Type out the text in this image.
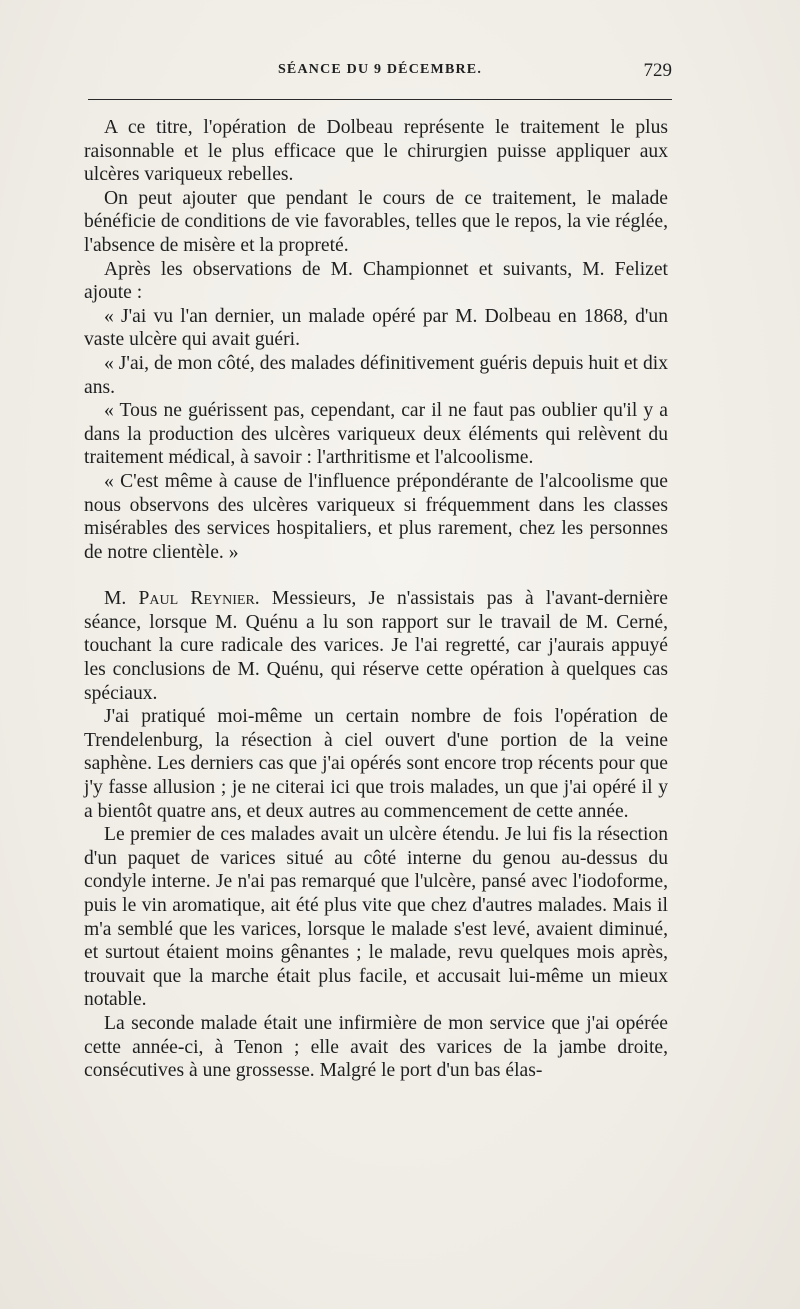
SÉANCE DU 9 DÉCEMBRE.	729

A ce titre, l'opération de Dolbeau représente le traitement le plus raisonnable et le plus efficace que le chirurgien puisse appliquer aux ulcères variqueux rebelles.

On peut ajouter que pendant le cours de ce traitement, le malade bénéficie de conditions de vie favorables, telles que le repos, la vie réglée, l'absence de misère et la propreté.

Après les observations de M. Championnet et suivants, M. Felizet ajoute :

« J'ai vu l'an dernier, un malade opéré par M. Dolbeau en 1868, d'un vaste ulcère qui avait guéri.

« J'ai, de mon côté, des malades définitivement guéris depuis huit et dix ans.

« Tous ne guérissent pas, cependant, car il ne faut pas oublier qu'il y a dans la production des ulcères variqueux deux éléments qui relèvent du traitement médical, à savoir : l'arthritisme et l'alcoolisme.

« C'est même à cause de l'influence prépondérante de l'alcoolisme que nous observons des ulcères variqueux si fréquemment dans les classes misérables des services hospitaliers, et plus rarement, chez les personnes de notre clientèle. »

M. Paul Reynier. Messieurs, Je n'assistais pas à l'avant-dernière séance, lorsque M. Quénu a lu son rapport sur le travail de M. Cerné, touchant la cure radicale des varices. Je l'ai regretté, car j'aurais appuyé les conclusions de M. Quénu, qui réserve cette opération à quelques cas spéciaux.

J'ai pratiqué moi-même un certain nombre de fois l'opération de Trendelenburg, la résection à ciel ouvert d'une portion de la veine saphène. Les derniers cas que j'ai opérés sont encore trop récents pour que j'y fasse allusion ; je ne citerai ici que trois malades, un que j'ai opéré il y a bientôt quatre ans, et deux autres au commencement de cette année.

Le premier de ces malades avait un ulcère étendu. Je lui fis la résection d'un paquet de varices situé au côté interne du genou au-dessus du condyle interne. Je n'ai pas remarqué que l'ulcère, pansé avec l'iodoforme, puis le vin aromatique, ait été plus vite que chez d'autres malades. Mais il m'a semblé que les varices, lorsque le malade s'est levé, avaient diminué, et surtout étaient moins gênantes ; le malade, revu quelques mois après, trouvait que la marche était plus facile, et accusait lui-même un mieux notable.

La seconde malade était une infirmière de mon service que j'ai opérée cette année-ci, à Tenon ; elle avait des varices de la jambe droite, consécutives à une grossesse. Malgré le port d'un bas élas-
